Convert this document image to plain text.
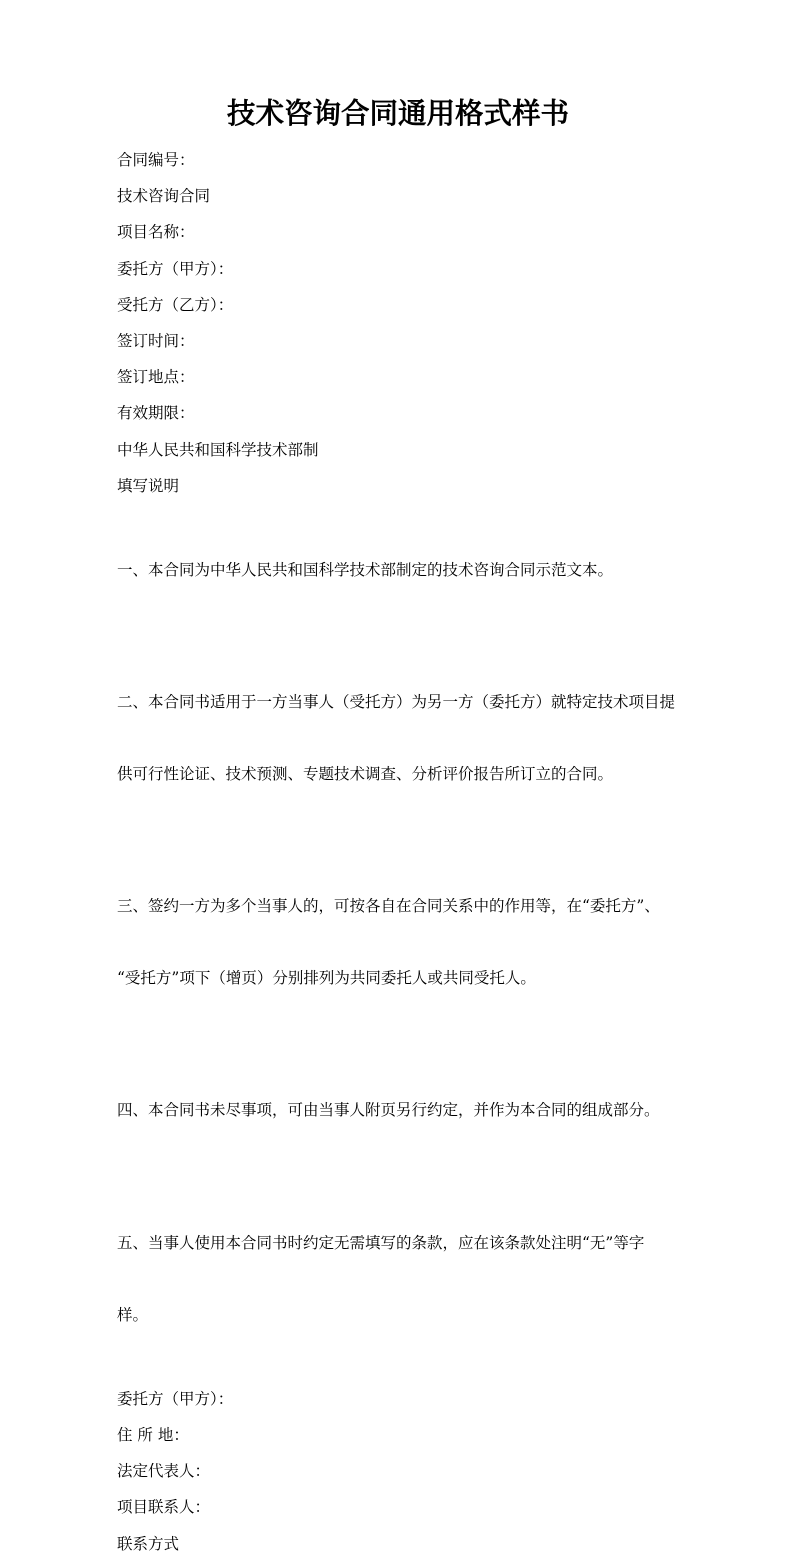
技术咨询合同通用格式样书

合同编号：

技术咨询合同

项目名称：

委托方（甲方）：

受托方（乙方）：

签订时间：

签订地点：

有效期限：

中华人民共和国科学技术部制

填写说明

一、本合同为中华人民共和国科学技术部制定的技术咨询合同示范文本。

二、本合同书适用于一方当事人（受托方）为另一方（委托方）就特定技术项目提

供可行性论证、技术预测、专题技术调查、分析评价报告所订立的合同。

三、签约一方为多个当事人的，可按各自在合同关系中的作用等，在“委托方”、

“受托方”项下（增页）分别排列为共同委托人或共同受托人。

四、本合同书未尽事项，可由当事人附页另行约定，并作为本合同的组成部分。

五、当事人使用本合同书时约定无需填写的条款，应在该条款处注明“无”等字

样。

委托方（甲方）：

住 所 地：

法定代表人：

项目联系人：

联系方式
